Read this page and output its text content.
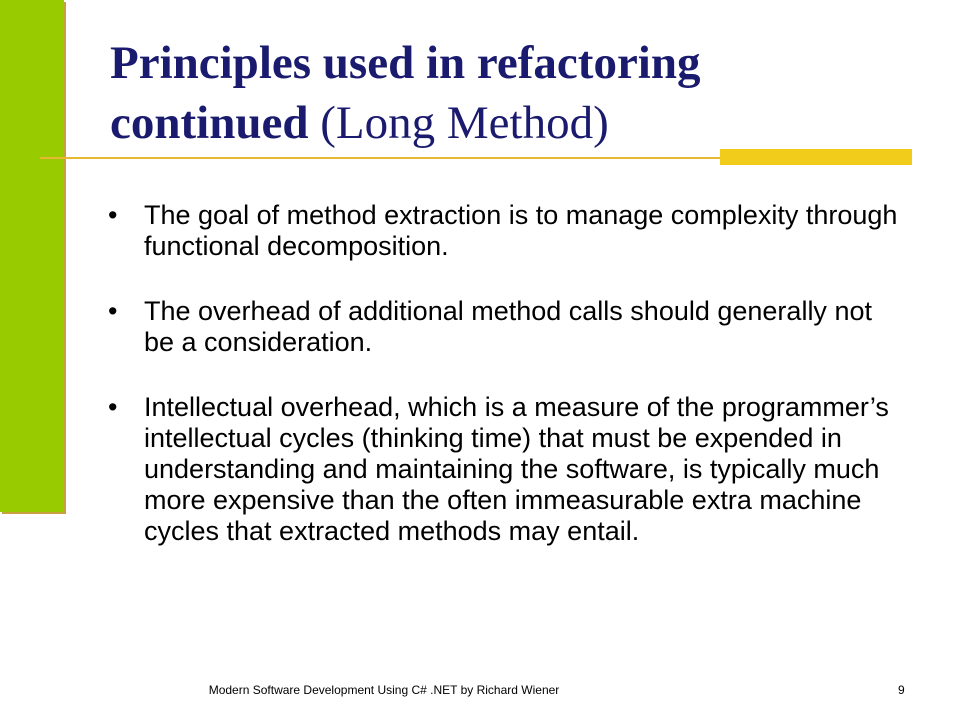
Principles used in refactoring
continued (Long Method)
• The goal of method extraction is to manage complexity through functional decomposition.
• The overhead of additional method calls should generally not be a consideration.
• Intellectual overhead, which is a measure of the programmer’s intellectual cycles (thinking time) that must be expended in understanding and maintaining the software, is typically much more expensive than the often immeasurable extra machine cycles that extracted methods may entail.
Modern Software Development Using C# .NET by Richard Wiener	9
